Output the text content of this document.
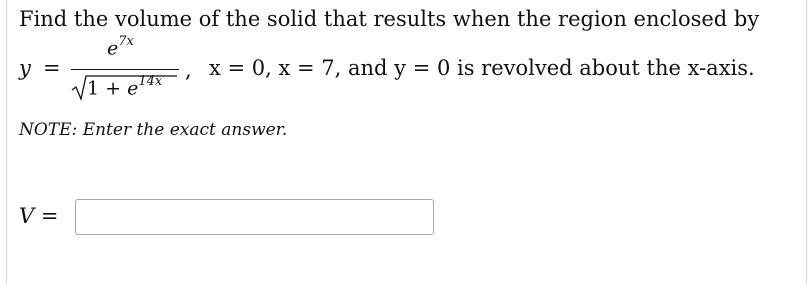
Find the volume of the solid that results when the region enclosed by
y =
$e^{7x}$
$1 + e^{14x}$ , x = 0, x = 7, and y = 0 is revolved about the x-axis.
NOTE: Enter the exact answer.
V =
